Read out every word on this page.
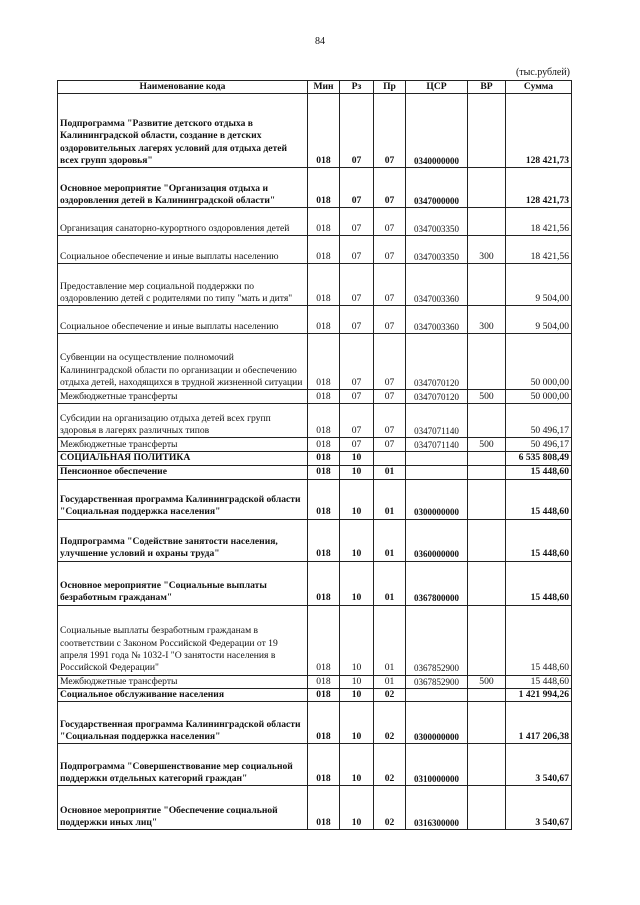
84
(тыс.рублей)
Наименование кода	Мин	Рз	Пр	ЦСР	ВР	Сумма
Подпрограмма "Развитие детского отдыха в Калининградской области, создание в детских оздоровительных лагерях условий для отдыха детей всех групп здоровья"	018	07	07	0340000000		128 421,73
Основное мероприятие "Организация отдыха и оздоровления детей в Калининградской области"	018	07	07	0347000000		128 421,73
Организация санаторно-курортного оздоровления детей	018	07	07	0347003350		18 421,56
Социальное обеспечение и иные выплаты населению	018	07	07	0347003350	300	18 421,56
Предоставление мер социальной поддержки по оздоровлению детей с родителями по типу "мать и дитя"	018	07	07	0347003360		9 504,00
Социальное обеспечение и иные выплаты населению	018	07	07	0347003360	300	9 504,00
Субвенции на осуществление полномочий Калининградской области по организации и обеспечению отдыха детей, находящихся в трудной жизненной ситуации	018	07	07	0347070120		50 000,00
Межбюджетные трансферты	018	07	07	0347070120	500	50 000,00
Субсидии на организацию отдыха детей всех групп здоровья в лагерях различных типов	018	07	07	0347071140		50 496,17
Межбюджетные трансферты	018	07	07	0347071140	500	50 496,17
СОЦИАЛЬНАЯ ПОЛИТИКА	018	10				6 535 808,49
Пенсионное обеспечение	018	10	01			15 448,60
Государственная программа Калининградской области "Социальная поддержка населения"	018	10	01	0300000000		15 448,60
Подпрограмма "Содействие занятости населения, улучшение условий и охраны труда"	018	10	01	0360000000		15 448,60
Основное мероприятие "Социальные выплаты безработным гражданам"	018	10	01	0367800000		15 448,60
Социальные выплаты безработным гражданам в соответствии с Законом Российской Федерации от 19 апреля 1991 года № 1032-I "О занятости населения в Российской Федерации"	018	10	01	0367852900		15 448,60
Межбюджетные трансферты	018	10	01	0367852900	500	15 448,60
Социальное обслуживание населения	018	10	02			1 421 994,26
Государственная программа Калининградской области "Социальная поддержка населения"	018	10	02	0300000000		1 417 206,38
Подпрограмма "Совершенствование мер социальной поддержки отдельных категорий граждан"	018	10	02	0310000000		3 540,67
Основное мероприятие "Обеспечение социальной поддержки иных лиц"	018	10	02	0316300000		3 540,67
